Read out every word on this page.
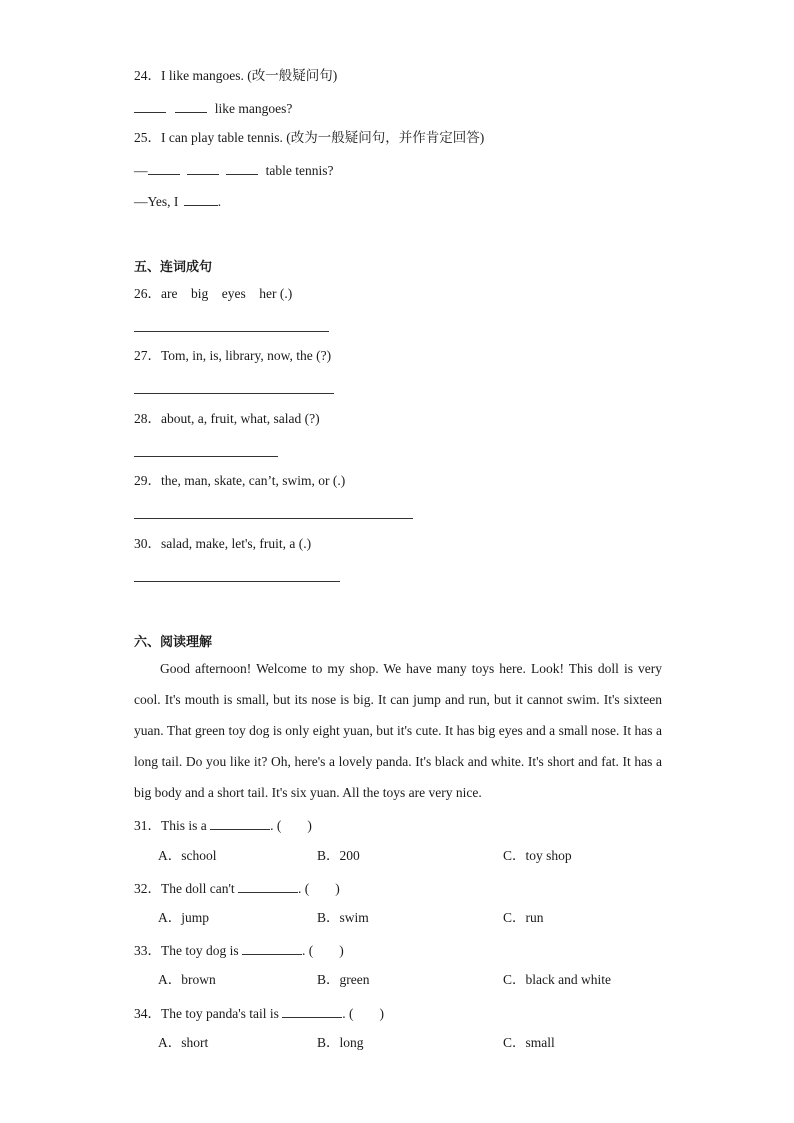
24．I like mangoes. (改一般疑问句)
like mangoes?
25．I can play table tennis. (改为一般疑问句，并作肯定回答)
—	table tennis?
—Yes, I	.
五、连词成句
26．are    big    eyes    her (.)
27．Tom, in, is, library, now, the (?)
28．about, a, fruit, what, salad (?)
29．the, man, skate, can’t, swim, or (.)
30．salad, make, let's, fruit, a (.)
六、阅读理解
Good afternoon! Welcome to my shop. We have many toys here. Look! This doll is very cool. It's mouth is small, but its nose is big. It can jump and run, but it cannot swim. It's sixteen yuan. That green toy dog is only eight yuan, but it's cute. It has big eyes and a small nose. It has a long tail. Do you like it? Oh, here's a lovely panda. It's black and white. It's short and fat. It has a big body and a short tail. It's six yuan. All the toys are very nice.
31．This is a	. ( )
A．school	B．200	C．toy shop
32．The doll can't	. ( )
A．jump	B．swim	C．run
33．The toy dog is	. ( )
A．brown	B．green	C．black and white
34．The toy panda's tail is	. ( )
A．short	B．long	C．small
